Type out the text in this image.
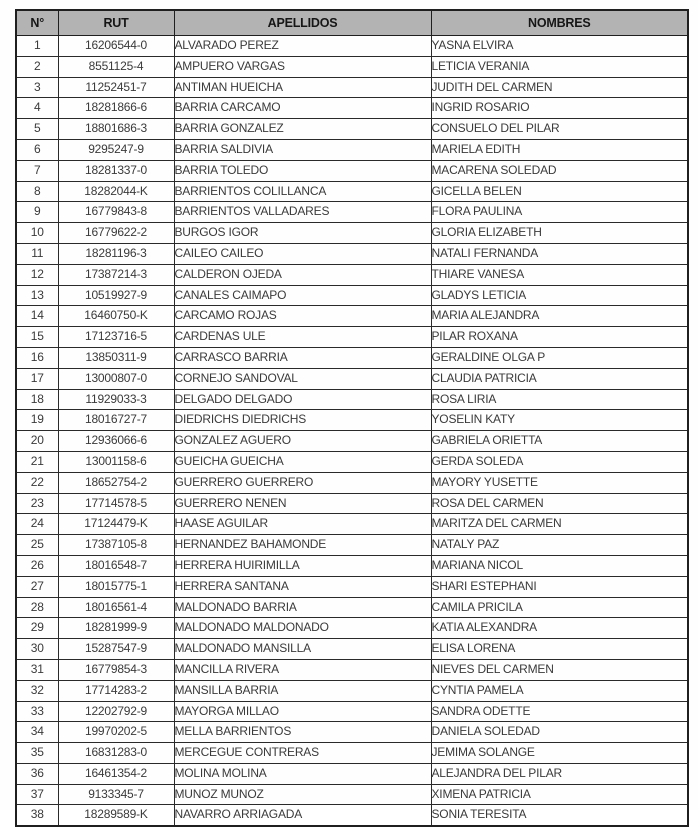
N°	RUT	APELLIDOS	NOMBRES
1	16206544-0	ALVARADO PEREZ	YASNA ELVIRA
2	8551125-4	AMPUERO VARGAS	LETICIA VERANIA
3	11252451-7	ANTIMAN HUEICHA	JUDITH DEL CARMEN
4	18281866-6	BARRIA CARCAMO	INGRID ROSARIO
5	18801686-3	BARRIA GONZALEZ	CONSUELO DEL PILAR
6	9295247-9	BARRIA SALDIVIA	MARIELA EDITH
7	18281337-0	BARRIA TOLEDO	MACARENA SOLEDAD
8	18282044-K	BARRIENTOS COLILLANCA	GICELLA BELEN
9	16779843-8	BARRIENTOS VALLADARES	FLORA PAULINA
10	16779622-2	BURGOS IGOR	GLORIA ELIZABETH
11	18281196-3	CAILEO CAILEO	NATALI FERNANDA
12	17387214-3	CALDERON OJEDA	THIARE VANESA
13	10519927-9	CANALES CAIMAPO	GLADYS LETICIA
14	16460750-K	CARCAMO ROJAS	MARIA ALEJANDRA
15	17123716-5	CARDENAS ULE	PILAR ROXANA
16	13850311-9	CARRASCO BARRIA	GERALDINE OLGA P
17	13000807-0	CORNEJO SANDOVAL	CLAUDIA PATRICIA
18	11929033-3	DELGADO DELGADO	ROSA LIRIA
19	18016727-7	DIEDRICHS DIEDRICHS	YOSELIN KATY
20	12936066-6	GONZALEZ AGUERO	GABRIELA ORIETTA
21	13001158-6	GUEICHA GUEICHA	GERDA SOLEDA
22	18652754-2	GUERRERO GUERRERO	MAYORY YUSETTE
23	17714578-5	GUERRERO NENEN	ROSA DEL CARMEN
24	17124479-K	HAASE AGUILAR	MARITZA DEL CARMEN
25	17387105-8	HERNANDEZ BAHAMONDE	NATALY PAZ
26	18016548-7	HERRERA HUIRIMILLA	MARIANA NICOL
27	18015775-1	HERRERA SANTANA	SHARI ESTEPHANI
28	18016561-4	MALDONADO BARRIA	CAMILA PRICILA
29	18281999-9	MALDONADO MALDONADO	KATIA ALEXANDRA
30	15287547-9	MALDONADO MANSILLA	ELISA LORENA
31	16779854-3	MANCILLA RIVERA	NIEVES DEL CARMEN
32	17714283-2	MANSILLA BARRIA	CYNTIA PAMELA
33	12202792-9	MAYORGA MILLAO	SANDRA ODETTE
34	19970202-5	MELLA BARRIENTOS	DANIELA SOLEDAD
35	16831283-0	MERCEGUE CONTRERAS	JEMIMA SOLANGE
36	16461354-2	MOLINA MOLINA	ALEJANDRA DEL PILAR
37	9133345-7	MUNOZ MUNOZ	XIMENA PATRICIA
38	18289589-K	NAVARRO ARRIAGADA	SONIA TERESITA
